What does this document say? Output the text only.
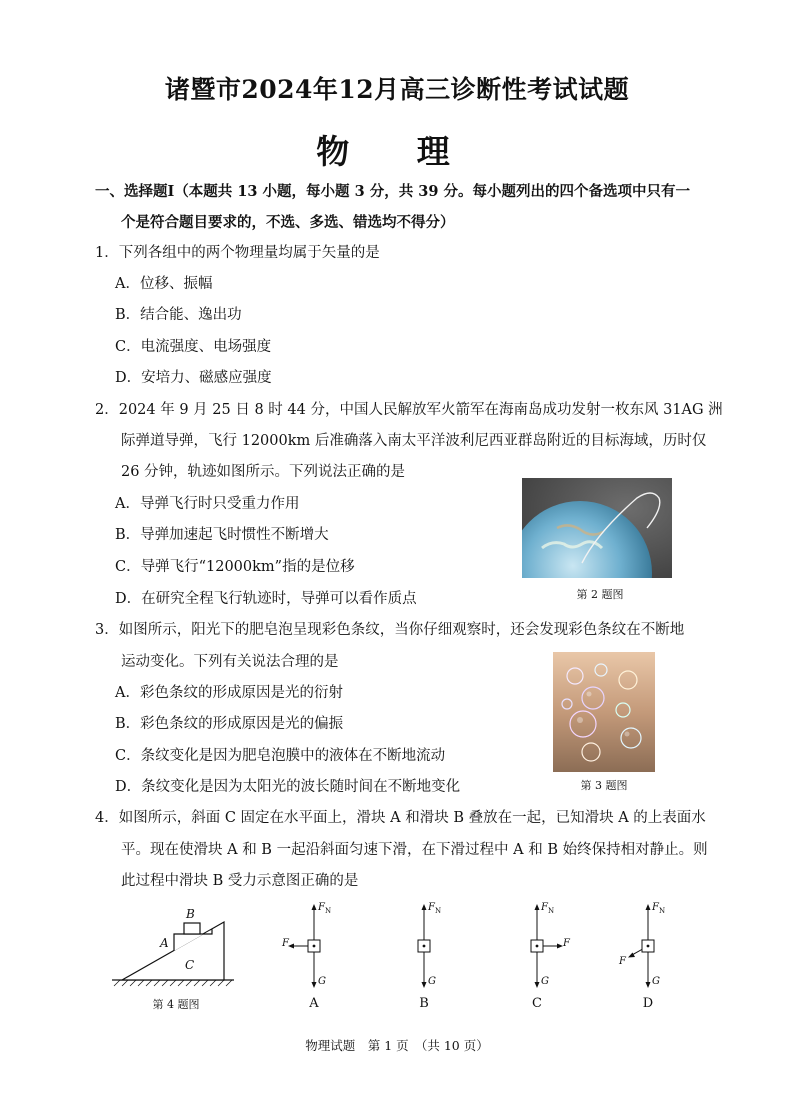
诸暨市2024年12月高三诊断性考试试题
物 理
一、选择题Ⅰ（本题共 13 小题，每小题 3 分，共 39 分。每小题列出的四个备选项中只有一
个是符合题目要求的，不选、多选、错选均不得分）
1．下列各组中的两个物理量均属于矢量的是
A．位移、振幅
B．结合能、逸出功
C．电流强度、电场强度
D．安培力、磁感应强度
2．2024 年 9 月 25 日 8 时 44 分，中国人民解放军火箭军在海南岛成功发射一枚东风 31AG 洲
际弹道导弹，飞行 12000km 后准确落入南太平洋波利尼西亚群岛附近的目标海域，历时仅
26 分钟，轨迹如图所示。下列说法正确的是
A．导弹飞行时只受重力作用
B．导弹加速起飞时惯性不断增大
C．导弹飞行“12000km”指的是位移
D．在研究全程飞行轨迹时，导弹可以看作质点	第 2 题图
3．如图所示，阳光下的肥皂泡呈现彩色条纹，当你仔细观察时，还会发现彩色条纹在不断地
运动变化。下列有关说法合理的是
A．彩色条纹的形成原因是光的衍射
B．彩色条纹的形成原因是光的偏振
C．条纹变化是因为肥皂泡膜中的液体在不断地流动
D．条纹变化是因为太阳光的波长随时间在不断地变化	第 3 题图
4．如图所示，斜面 C 固定在水平面上，滑块 A 和滑块 B 叠放在一起，已知滑块 A 的上表面水
平。现在使滑块 A 和 B 一起沿斜面匀速下滑，在下滑过程中 A 和 B 始终保持相对静止。则
此过程中滑块 B 受力示意图正确的是
B
A
C
第 4 题图
$F_N$
F
G
A
$F_N$
G
B
$F_N$
F
G
C
$F_N$
F
G
D
物理试题　第 1 页　（共 10 页）
